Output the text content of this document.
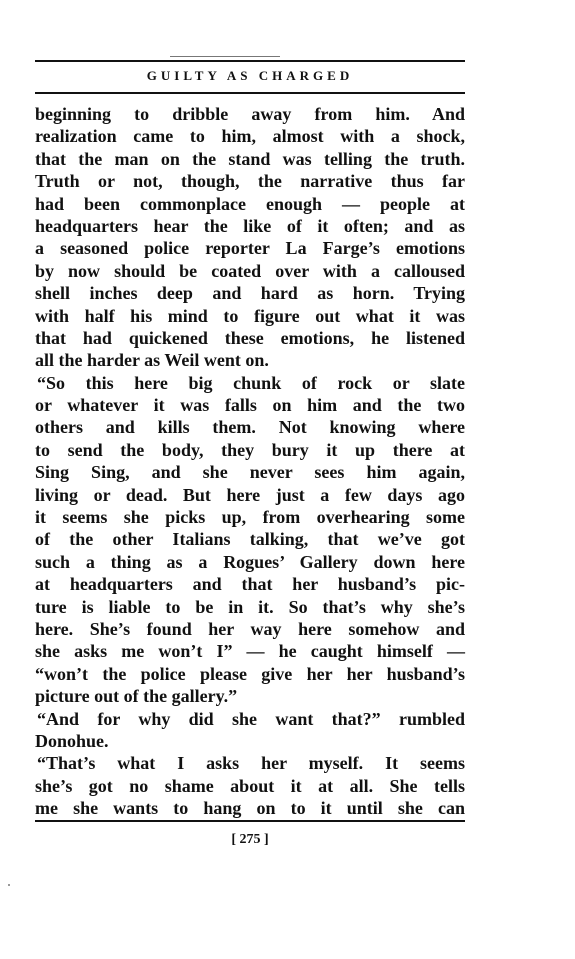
GUILTY AS CHARGED
beginning to dribble away from him. And
realization came to him, almost with a shock,
that the man on the stand was telling the truth.
Truth or not, though, the narrative thus far
had been commonplace enough — people at
headquarters hear the like of it often; and as
a seasoned police reporter La Farge’s emotions
by now should be coated over with a calloused
shell inches deep and hard as horn. Trying
with half his mind to figure out what it was
that had quickened these emotions, he listened
all the harder as Weil went on.
“So this here big chunk of rock or slate
or whatever it was falls on him and the two
others and kills them. Not knowing where
to send the body, they bury it up there at
Sing Sing, and she never sees him again,
living or dead. But here just a few days ago
it seems she picks up, from overhearing some
of the other Italians talking, that we’ve got
such a thing as a Rogues’ Gallery down here
at headquarters and that her husband’s pic-
ture is liable to be in it. So that’s why she’s
here. She’s found her way here somehow and
she asks me won’t I” — he caught himself —
“won’t the police please give her her husband’s
picture out of the gallery.”
“And for why did she want that?” rumbled
Donohue.
“That’s what I asks her myself. It seems
she’s got no shame about it at all. She tells
me she wants to hang on to it until she can
[ 275 ]
